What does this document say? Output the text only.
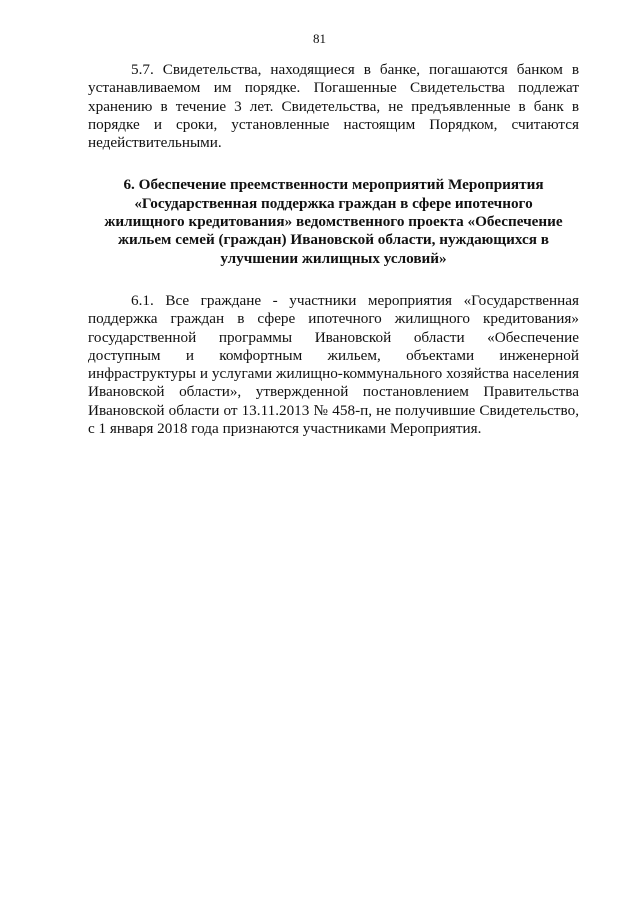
81

5.7. Свидетельства, находящиеся в банке, погашаются банком в устанавливаемом им порядке. Погашенные Свидетельства подлежат хранению в течение 3 лет. Свидетельства, не предъявленные в банк в порядке и сроки, установленные настоящим Порядком, считаются недействительными.

6. Обеспечение преемственности мероприятий Мероприятия «Государственная поддержка граждан в сфере ипотечного жилищного кредитования» ведомственного проекта «Обеспечение жильем семей (граждан) Ивановской области, нуждающихся в улучшении жилищных условий»

6.1. Все граждане - участники мероприятия «Государственная поддержка граждан в сфере ипотечного жилищного кредитования» государственной программы Ивановской области «Обеспечение доступным и комфортным жильем, объектами инженерной инфраструктуры и услугами жилищно-коммунального хозяйства населения Ивановской области», утвержденной постановлением Правительства Ивановской области от 13.11.2013 № 458-п, не получившие Свидетельство, с 1 января 2018 года признаются участниками Мероприятия.
